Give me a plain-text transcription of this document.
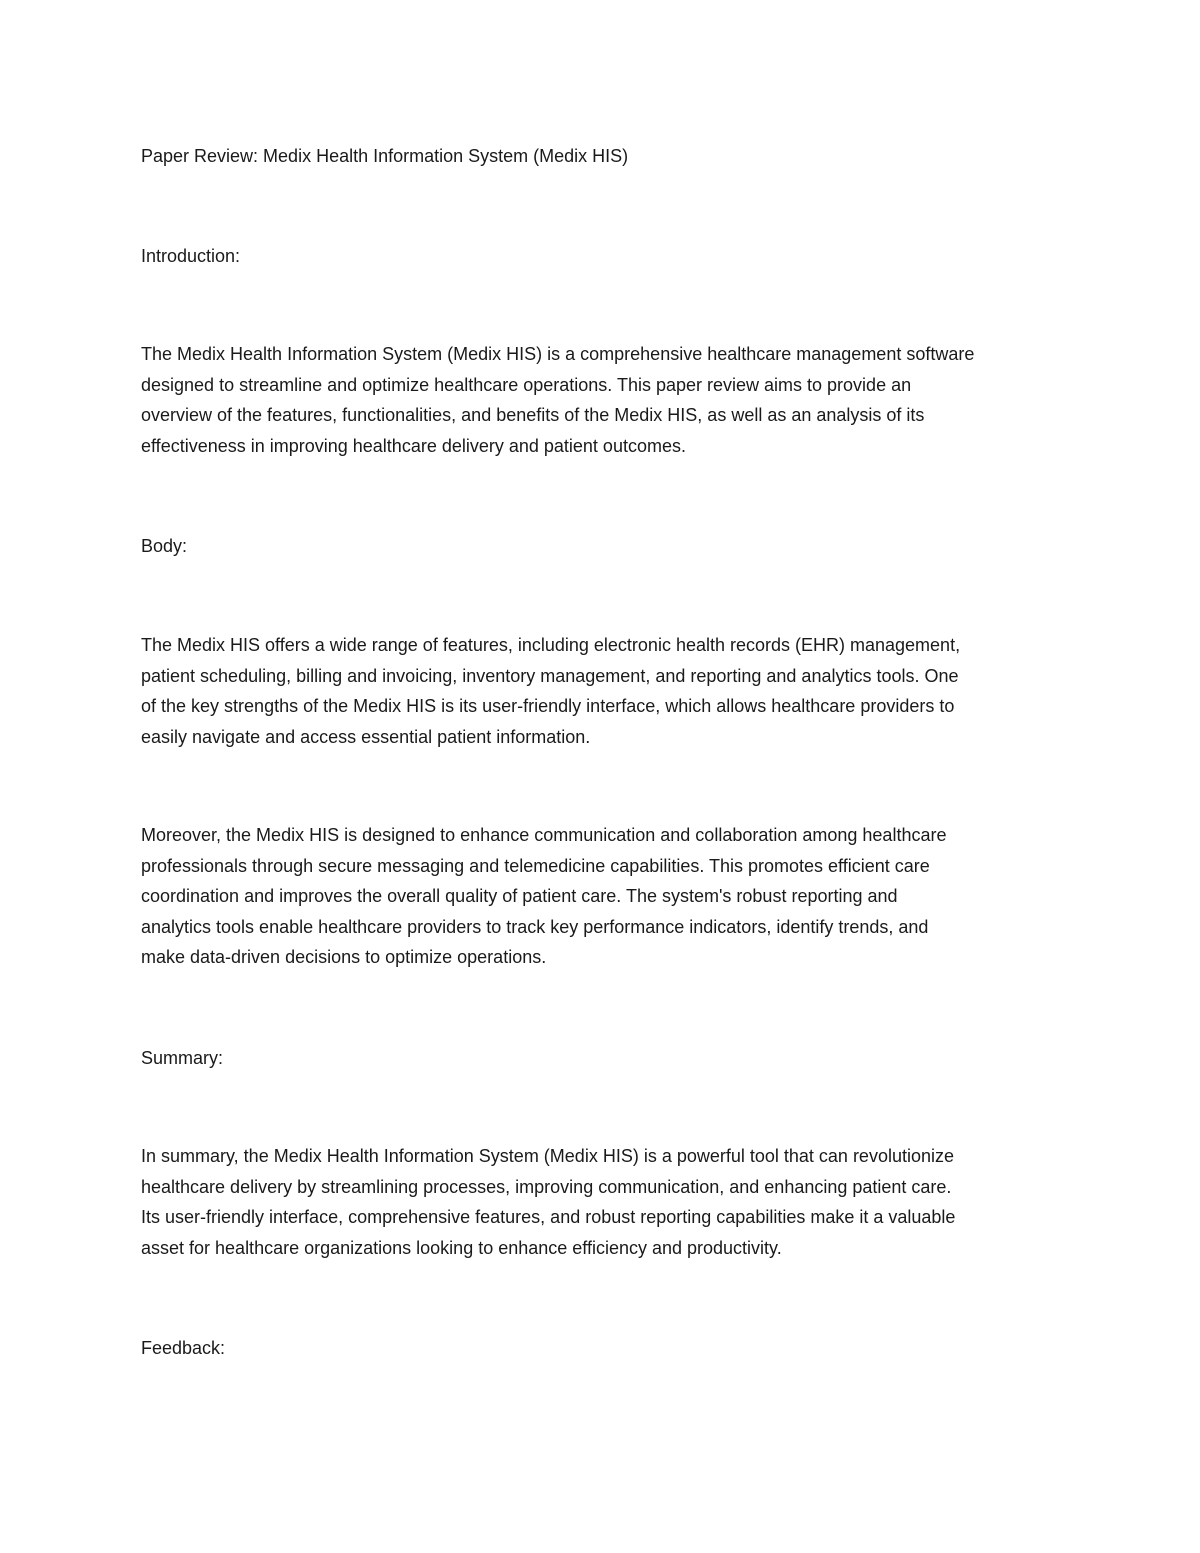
Paper Review: Medix Health Information System (Medix HIS)

Introduction:

The Medix Health Information System (Medix HIS) is a comprehensive healthcare management software
designed to streamline and optimize healthcare operations. This paper review aims to provide an
overview of the features, functionalities, and benefits of the Medix HIS, as well as an analysis of its
effectiveness in improving healthcare delivery and patient outcomes.

Body:

The Medix HIS offers a wide range of features, including electronic health records (EHR) management,
patient scheduling, billing and invoicing, inventory management, and reporting and analytics tools. One
of the key strengths of the Medix HIS is its user-friendly interface, which allows healthcare providers to
easily navigate and access essential patient information.
Moreover, the Medix HIS is designed to enhance communication and collaboration among healthcare
professionals through secure messaging and telemedicine capabilities. This promotes efficient care
coordination and improves the overall quality of patient care. The system's robust reporting and
analytics tools enable healthcare providers to track key performance indicators, identify trends, and
make data-driven decisions to optimize operations.

Summary:

In summary, the Medix Health Information System (Medix HIS) is a powerful tool that can revolutionize
healthcare delivery by streamlining processes, improving communication, and enhancing patient care.
Its user-friendly interface, comprehensive features, and robust reporting capabilities make it a valuable
asset for healthcare organizations looking to enhance efficiency and productivity.

Feedback:
